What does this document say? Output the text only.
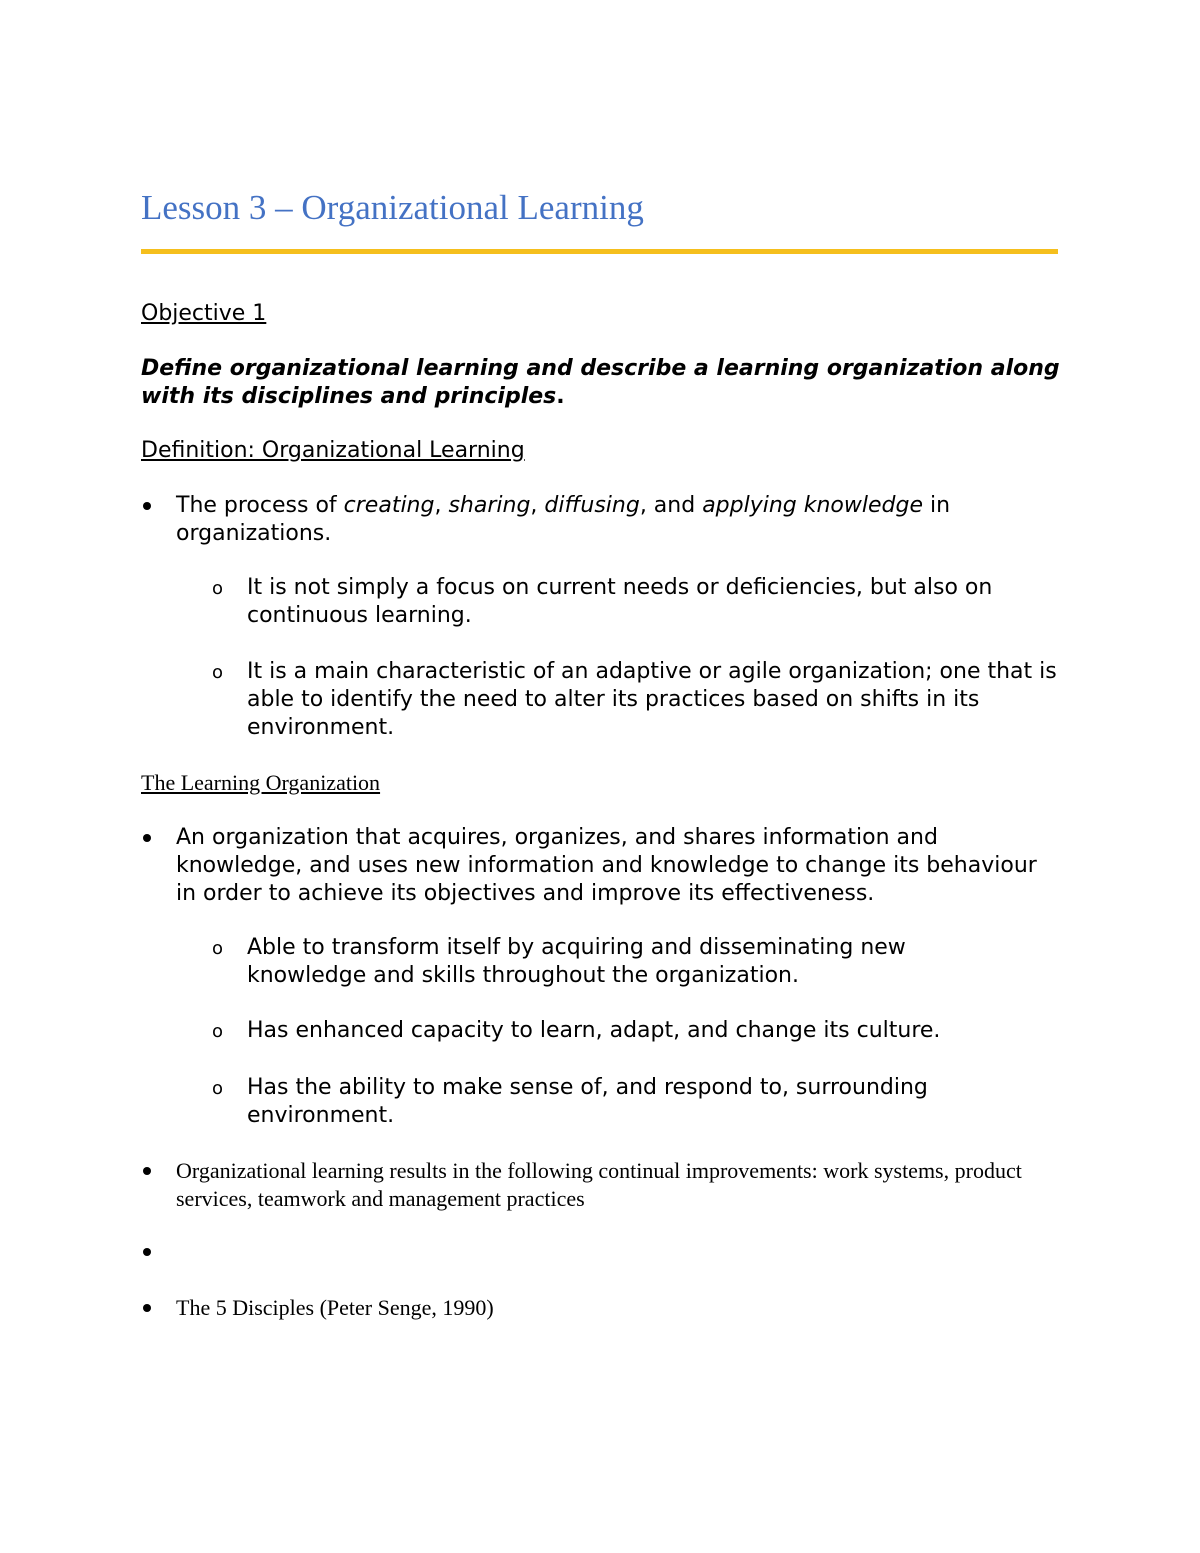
Lesson 3 – Organizational Learning

Objective 1

Define organizational learning and describe a learning organization along with its disciplines and principles.

Definition: Organizational Learning

The process of creating, sharing, diffusing, and applying knowledge in organizations.

o It is not simply a focus on current needs or deficiencies, but also on continuous learning.

o It is a main characteristic of an adaptive or agile organization; one that is able to identify the need to alter its practices based on shifts in its environment.

The Learning Organization

An organization that acquires, organizes, and shares information and knowledge, and uses new information and knowledge to change its behaviour in order to achieve its objectives and improve its effectiveness.

o Able to transform itself by acquiring and disseminating new knowledge and skills throughout the organization.

o Has enhanced capacity to learn, adapt, and change its culture.

o Has the ability to make sense of, and respond to, surrounding environment.

Organizational learning results in the following continual improvements: work systems, product services, teamwork and management practices

The 5 Disciples (Peter Senge, 1990)
